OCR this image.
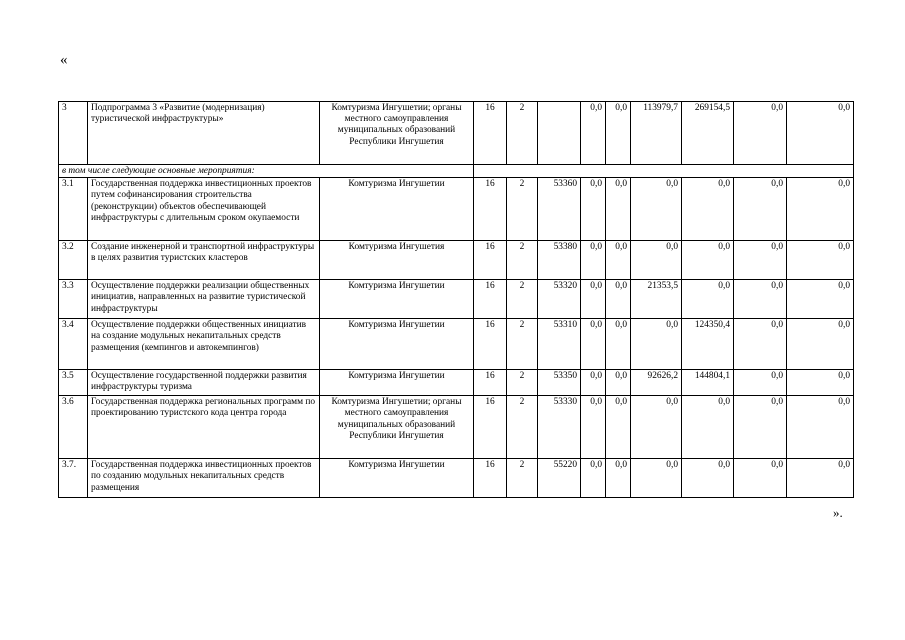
«
3	Подпрограмма 3 «Развитие (модернизация) туристической инфраструктуры»	Комтуризма Ингушетии; органы местного самоуправления муниципальных образований Республики Ингушетия	16	2		0,0	0,0	113979,7	269154,5	0,0	0,0
в том числе следующие основные мероприятия:											
3.1	Государственная поддержка инвестиционных проектов путем софинансирования строительства (реконструкции) объектов обеспечивающей инфраструктуры с длительным сроком окупаемости	Комтуризма Ингушетии	16	2	53360	0,0	0,0	0,0	0,0	0,0	0,0
3.2	Создание инженерной и транспортной инфраструктуры в целях развития туристских кластеров	Комтуризма Ингушетия	16	2	53380	0,0	0,0	0,0	0,0	0,0	0,0
3.3	Осуществление поддержки реализации общественных инициатив, направленных на развитие туристической инфраструктуры	Комтуризма Ингушетии	16	2	53320	0,0	0,0	21353,5	0,0	0,0	0,0
3.4	Осуществление поддержки общественных инициатив на создание модульных некапитальных средств размещения (кемпингов и автокемпингов)	Комтуризма Ингушетии	16	2	53310	0,0	0,0	0,0	124350,4	0,0	0,0
3.5	Осуществление государственной поддержки развития инфраструктуры туризма	Комтуризма Ингушетии	16	2	53350	0,0	0,0	92626,2	144804,1	0,0	0,0
3.6	Государственная поддержка региональных программ по проектированию туристского кода центра города	Комтуризма Ингушетии; органы местного самоуправления муниципальных образований Республики Ингушетия	16	2	53330	0,0	0,0	0,0	0,0	0,0	0,0
3.7.	Государственная поддержка инвестиционных проектов по созданию модульных некапитальных средств размещения	Комтуризма Ингушетии	16	2	55220	0,0	0,0	0,0	0,0	0,0	0,0
».
